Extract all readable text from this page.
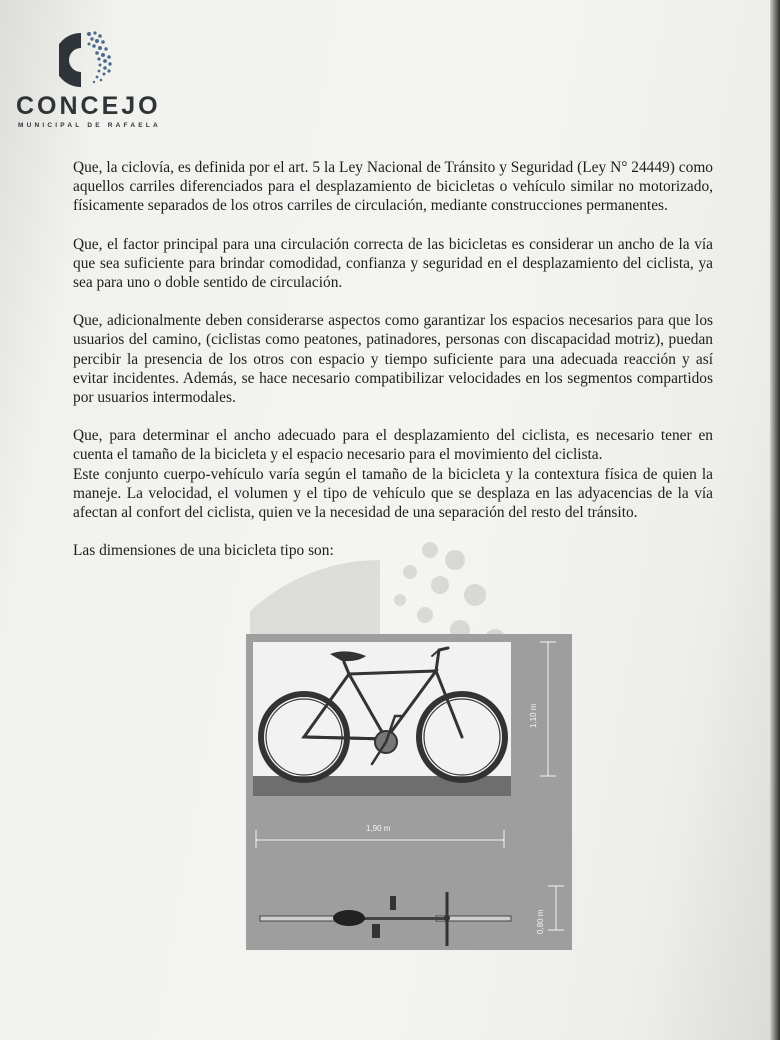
CONCEJO
MUNICIPAL DE RAFAELA

Que, la ciclovía, es definida por el art. 5 la Ley Nacional de Tránsito y Seguridad (Ley N° 24449) como aquellos carriles diferenciados para el desplazamiento de bicicletas o vehículo similar no motorizado, físicamente separados de los otros carriles de circulación, mediante construcciones permanentes.

Que, el factor principal para una circulación correcta de las bicicletas es considerar un ancho de la vía que sea suficiente para brindar comodidad, confianza y seguridad en el desplazamiento del ciclista, ya sea para uno o doble sentido de circulación.

Que, adicionalmente deben considerarse aspectos como garantizar los espacios necesarios para que los usuarios del camino, (ciclistas como peatones, patinadores, personas con discapacidad motriz), puedan percibir la presencia de los otros con espacio y tiempo suficiente para una adecuada reacción y así evitar incidentes. Además, se hace necesario compatibilizar velocidades en los segmentos compartidos por usuarios intermodales.

Que, para determinar el ancho adecuado para el desplazamiento del ciclista, es necesario tener en cuenta el tamaño de la bicicleta y el espacio necesario para el movimiento del ciclista.
Este conjunto cuerpo-vehículo varía según el tamaño de la bicicleta y la contextura física de quien la maneje. La velocidad, el volumen y el tipo de vehículo que se desplaza en las adyacencias de la vía afectan al confort del ciclista, quien ve la necesidad de una separación del resto del tránsito.

Las dimensiones de una bicicleta tipo son:

1,10 m
1,90 m
0,80 m
